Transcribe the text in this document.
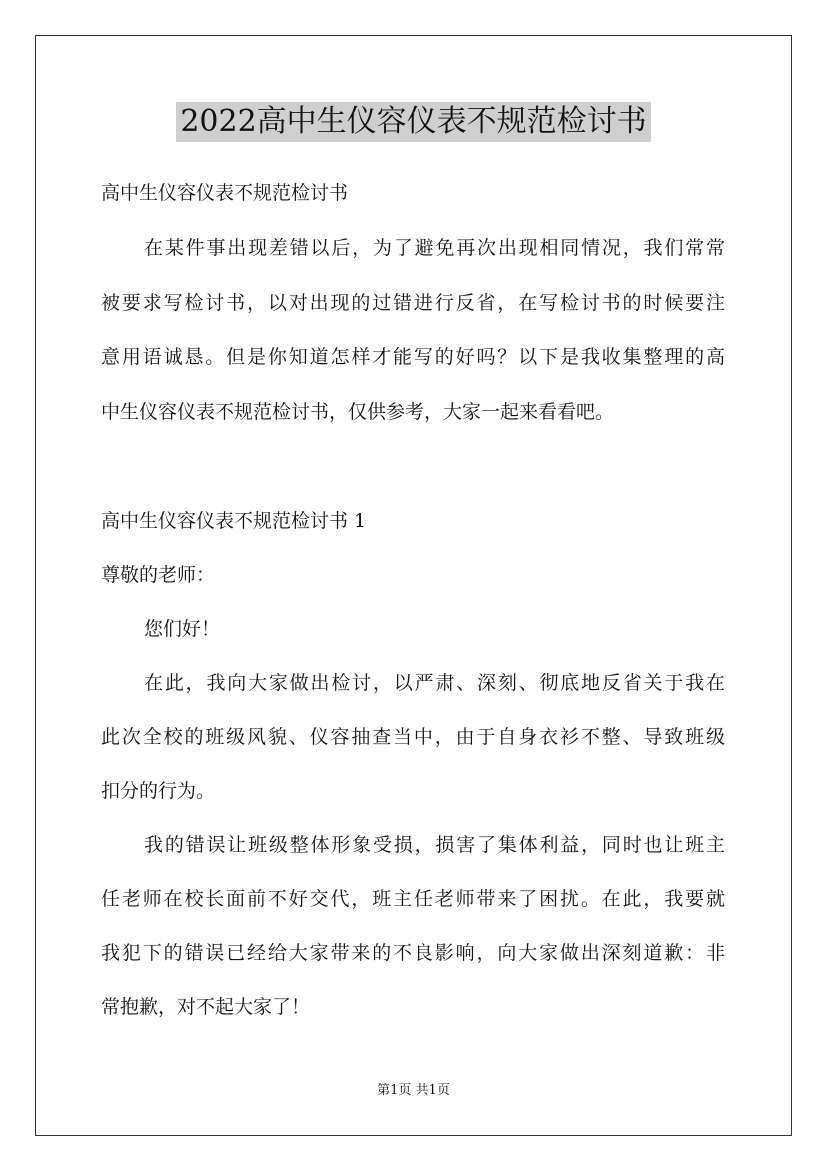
2022高中生仪容仪表不规范检讨书
高中生仪容仪表不规范检讨书
在某件事出现差错以后，为了避免再次出现相同情况，我们常常
被要求写检讨书，以对出现的过错进行反省，在写检讨书的时候要注
意用语诚恳。但是你知道怎样才能写的好吗？以下是我收集整理的高
中生仪容仪表不规范检讨书，仅供参考，大家一起来看看吧。
高中生仪容仪表不规范检讨书 1
尊敬的老师：
您们好！
在此，我向大家做出检讨，以严肃、深刻、彻底地反省关于我在
此次全校的班级风貌、仪容抽查当中，由于自身衣衫不整、导致班级
扣分的行为。
我的错误让班级整体形象受损，损害了集体利益，同时也让班主
任老师在校长面前不好交代，班主任老师带来了困扰。在此，我要就
我犯下的错误已经给大家带来的不良影响，向大家做出深刻道歉：非
常抱歉，对不起大家了！
第1页 共1页
